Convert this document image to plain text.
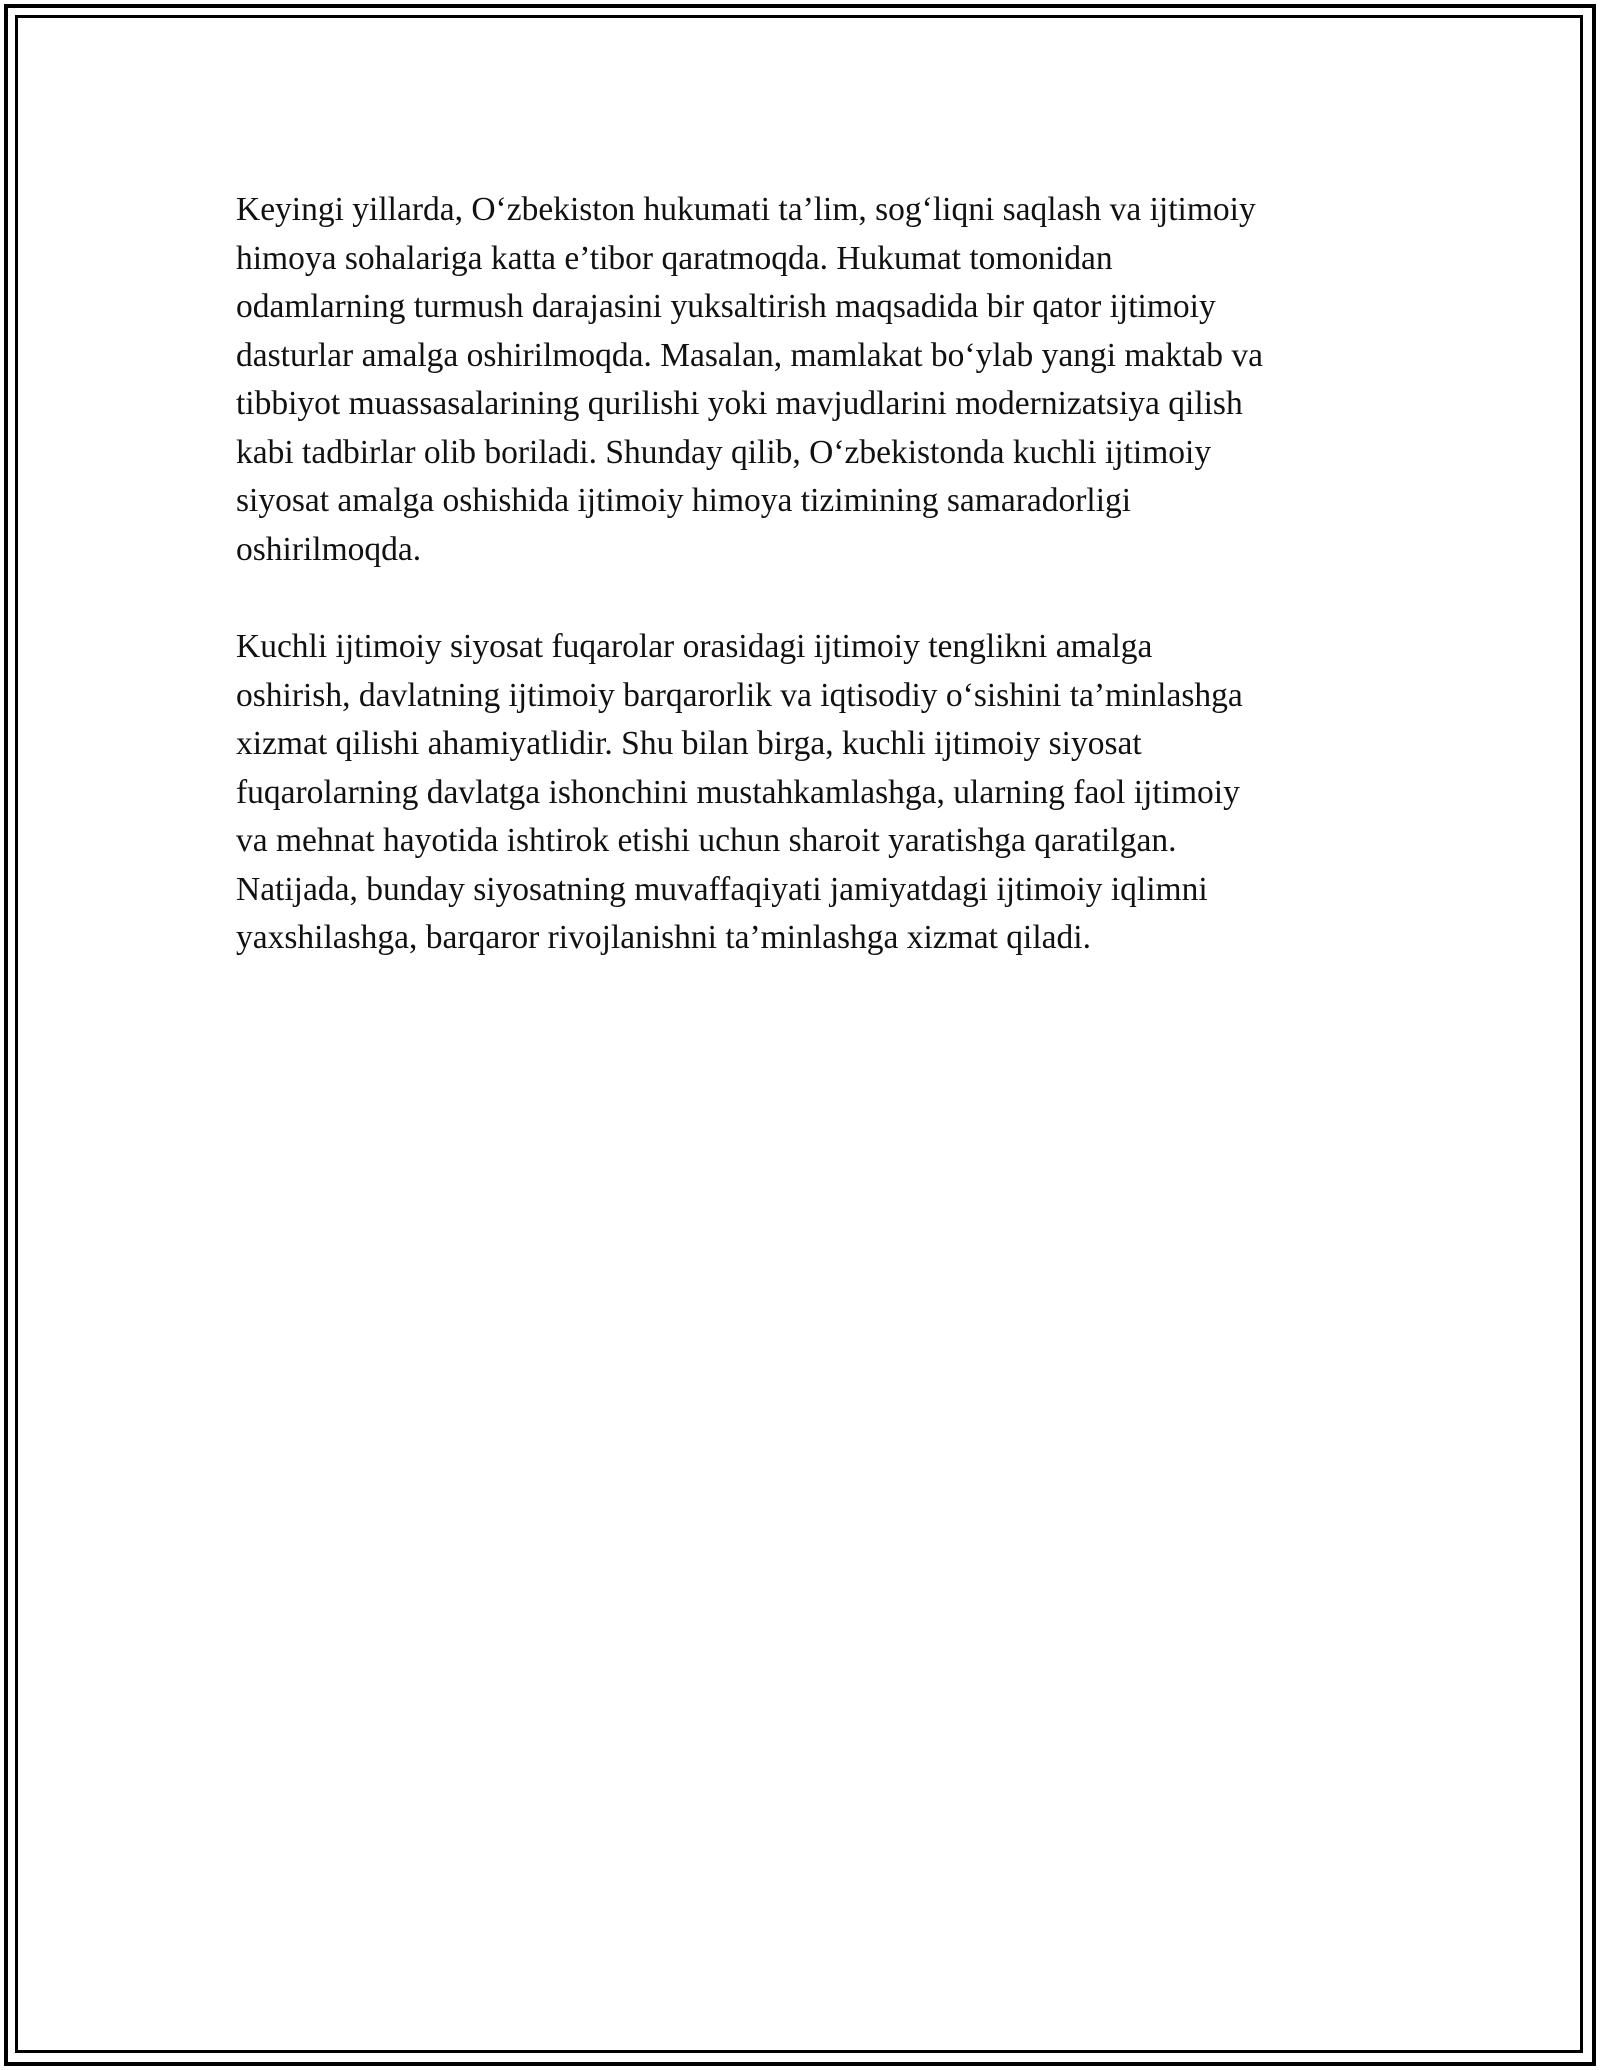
Keyingi yillarda, O‘zbekiston hukumati ta’lim, sog‘liqni saqlash va ijtimoiy
himoya sohalariga katta e’tibor qaratmoqda. Hukumat tomonidan
odamlarning turmush darajasini yuksaltirish maqsadida bir qator ijtimoiy
dasturlar amalga oshirilmoqda. Masalan, mamlakat bo‘ylab yangi maktab va
tibbiyot muassasalarining qurilishi yoki mavjudlarini modernizatsiya qilish
kabi tadbirlar olib boriladi. Shunday qilib, O‘zbekistonda kuchli ijtimoiy
siyosat amalga oshishida ijtimoiy himoya tizimining samaradorligi
oshirilmoqda.

Kuchli ijtimoiy siyosat fuqarolar orasidagi ijtimoiy tenglikni amalga
oshirish, davlatning ijtimoiy barqarorlik va iqtisodiy o‘sishini ta’minlashga
xizmat qilishi ahamiyatlidir. Shu bilan birga, kuchli ijtimoiy siyosat
fuqarolarning davlatga ishonchini mustahkamlashga, ularning faol ijtimoiy
va mehnat hayotida ishtirok etishi uchun sharoit yaratishga qaratilgan.
Natijada, bunday siyosatning muvaffaqiyati jamiyatdagi ijtimoiy iqlimni
yaxshilashga, barqaror rivojlanishni ta’minlashga xizmat qiladi.
